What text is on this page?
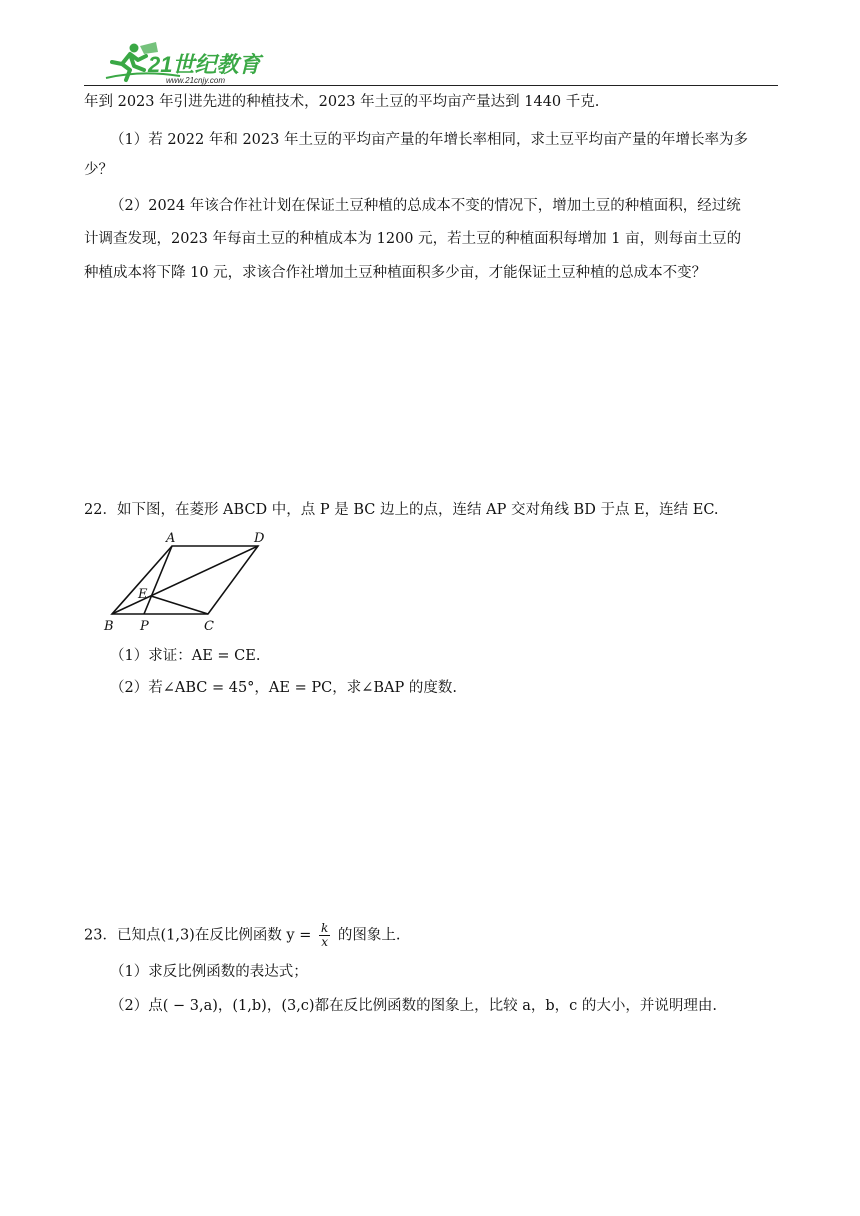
21世纪教育
www.21cnjy.com
年到 2023 年引进先进的种植技术，2023 年土豆的平均亩产量达到 1440 千克.
（1）若 2022 年和 2023 年土豆的平均亩产量的年增长率相同，求土豆平均亩产量的年增长率为多
少？
（2）2024 年该合作社计划在保证土豆种植的总成本不变的情况下，增加土豆的种植面积，经过统
计调查发现，2023 年每亩土豆的种植成本为 1200 元，若土豆的种植面积每增加 1 亩，则每亩土豆的
种植成本将下降 10 元，求该合作社增加土豆种植面积多少亩，才能保证土豆种植的总成本不变？
22．如下图，在菱形 ABCD 中，点 P 是 BC 边上的点，连结 AP 交对角线 BD 于点 E，连结 EC.
A	D
E
B P	C
（1）求证：AE = CE.
（2）若∠ABC = 45°，AE = PC，求∠BAP 的度数.
23．已知点(1,3)在反比例函数 $y = \frac{k}{x}$ 的图象上.
（1）求反比例函数的表达式；
（2）点( − 3,a)，(1,b)，(3,c)都在反比例函数的图象上，比较 a，b，c 的大小，并说明理由.
